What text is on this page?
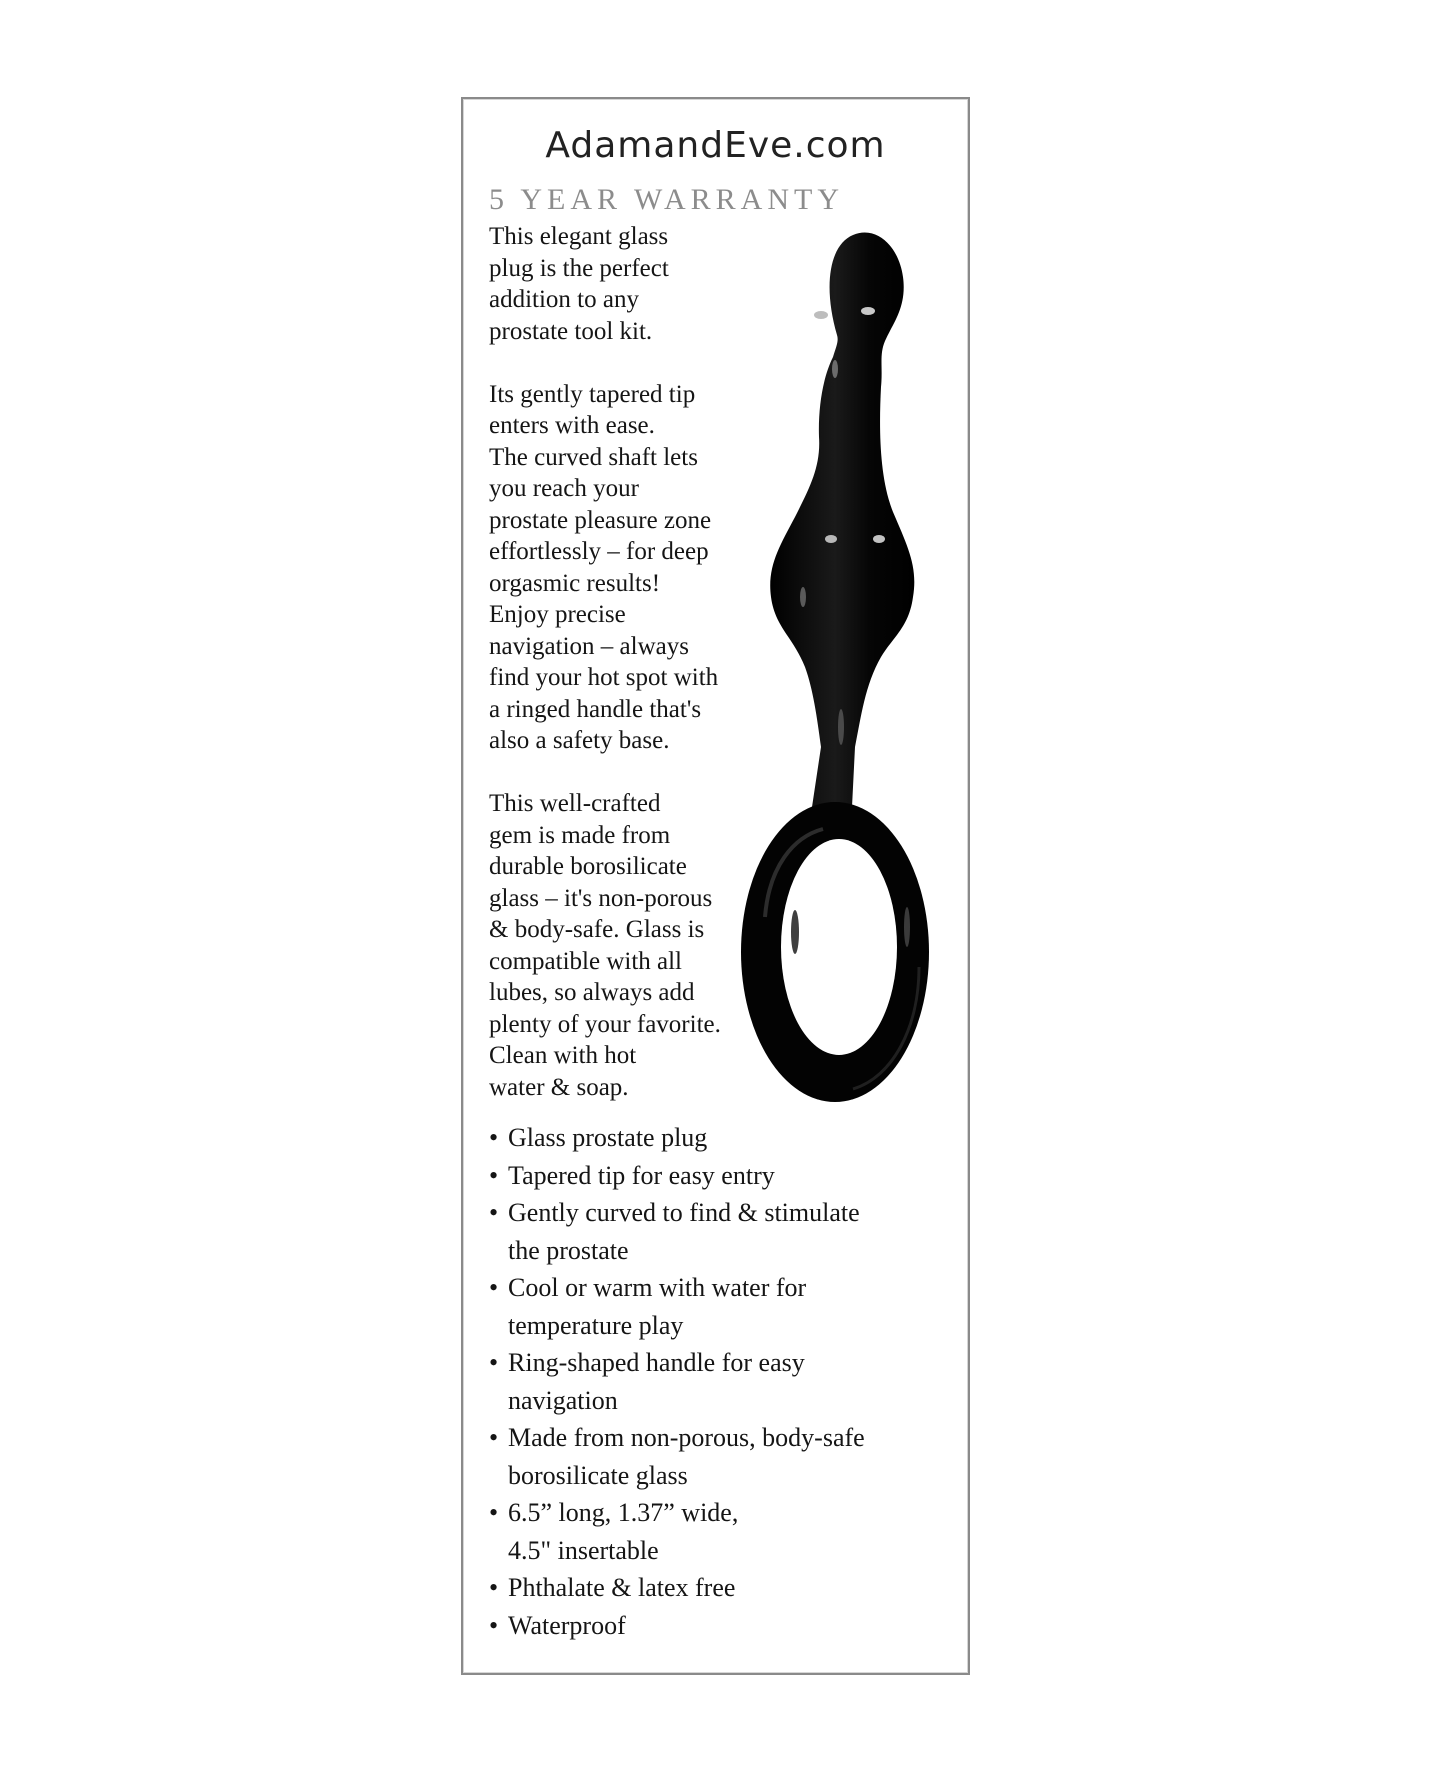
AdamandEve.com
5 YEAR WARRANTY

This elegant glass
plug is the perfect
addition to any
prostate tool kit.

Its gently tapered tip
enters with ease.
The curved shaft lets
you reach your
prostate pleasure zone
effortlessly – for deep
orgasmic results!
Enjoy precise
navigation – always
find your hot spot with
a ringed handle that's
also a safety base.

This well-crafted
gem is made from
durable borosilicate
glass – it's non-porous
& body-safe. Glass is
compatible with all
lubes, so always add
plenty of your favorite.
Clean with hot
water & soap.

• Glass prostate plug
• Tapered tip for easy entry
• Gently curved to find & stimulate
the prostate
• Cool or warm with water for
temperature play
• Ring-shaped handle for easy
navigation
• Made from non-porous, body-safe
borosilicate glass
• 6.5” long, 1.37” wide,
4.5" insertable
• Phthalate & latex free
• Waterproof
